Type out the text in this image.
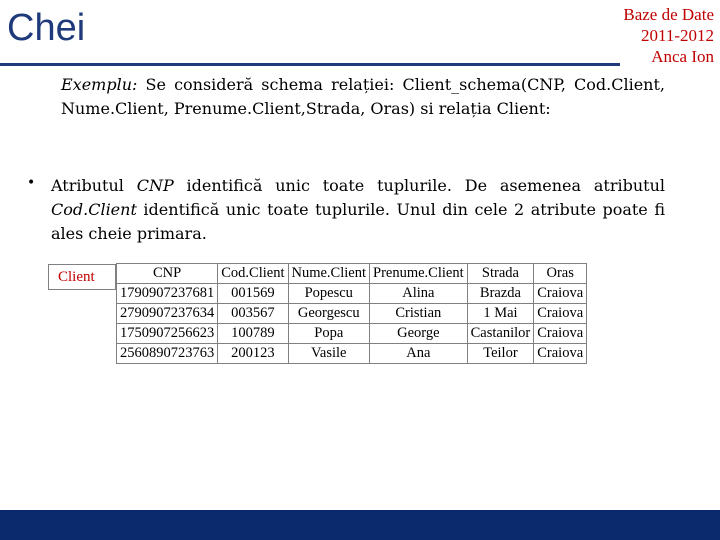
Chei	Baze de Date
2011-2012
Anca Ion
Exemplu: Se consideră schema relației: Client_schema(CNP, Cod.Client, Nume.Client, Prenume.Client,Strada, Oras) si relația Client:
• Atributul CNP identifică unic toate tuplurile. De asemenea atributul Cod.Client identifică unic toate tuplurile. Unul din cele 2 atribute poate fi ales cheie primara.
Client	CNP	Cod.Client	Nume.Client	Prenume.Client	Strada	Oras
1790907237681	001569	Popescu	Alina	Brazda	Craiova
2790907237634	003567	Georgescu	Cristian	1 Mai	Craiova
1750907256623	100789	Popa	George	Castanilor	Craiova
2560890723763	200123	Vasile	Ana	Teilor	Craiova
